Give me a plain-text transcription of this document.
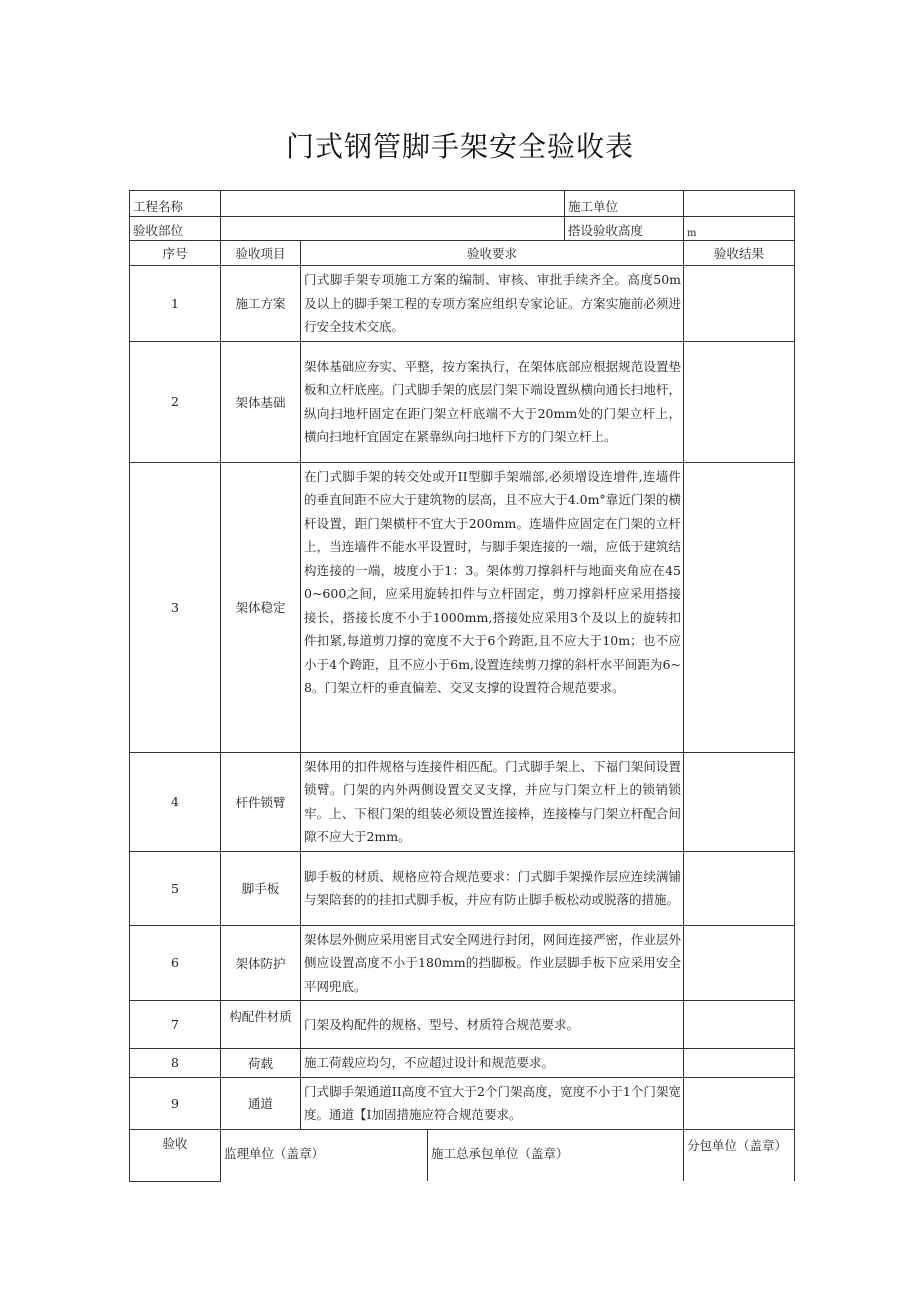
门式钢管脚手架安全验收表
工程名称				施工单位	
验收部位				搭设验收高度	m
序号	验收项目	验收要求			验收结果
1	施工方案	门式脚手架专项施工方案的编制、审核、审批手续齐全。高度50m及以上的脚手架工程的专项方案应组织专家论证。方案实施前必须进行安全技术交底。			
2	架体基础	架体基础应夯实、平整，按方案执行，在架体底部应根据规范设置垫板和立杆底座。门式脚手架的底层门架下端设置纵横向通长扫地杆，纵向扫地杆固定在距门架立杆底端不大于20mm处的门架立杆上，横向扫地杆宜固定在紧靠纵向扫地杆下方的门架立杆上。			
3	架体稳定	在门式脚手架的转交处或开II型脚手架端部,必须增设连增件,连墙件的垂直间距不应大于建筑物的层高，且不应大于4.0m°靠近门架的横杆设置，距门架横杆不宜大于200mm。连墙件应固定在门架的立杆上，当连墙件不能水平设置时，与脚手架连接的一端，应低于建筑结构连接的一端，坡度小于1：3。架体剪刀撑斜杆与地面夹角应在450~600之间，应采用旋转扣件与立杆固定，剪刀撑斜杆应采用搭接接长，搭接长度不小于1000mm,搭接处应采用3个及以上的旋转扣件扣紧,每道剪刀撑的宽度不大于6个跨距,且不应大于10m；也不应小于4个跨距，且不应小于6m,设置连续剪刀撑的斜杆水平间距为6~8。门架立杆的垂直偏差、交叉支撑的设置符合规范要求。			
4	杆件锁臂	架体用的扣件规格与连接件相匹配。门式脚手架上、下福门架间设置锁臂。门架的内外两侧设置交叉支撑，并应与门架立杆上的锁销锁牢。上、下根门架的组装必须设置连接棒，连接榛与门架立杆配合间隙不应大于2mm。			
5	脚手板	脚手板的材质、规格应符合规范要求：门式脚手架操作层应连续满铺与架陪套的的挂扣式脚手板，并应有防止脚手板松动或脱落的措施。			
6	架体防护	架体层外侧应采用密目式安全网进行封闭，网间连接严密，作业层外侧应设置高度不小于180mm的挡脚板。作业层脚手板下应采用安全平网兜底。			
7	构配件材质	门架及构配件的规格、型号、材质符合规范要求。			
8	荷载	施工荷载应均匀，不应超过设计和规范要求。			
9	通道	门式脚手架通道II高度不宜大于2个门架高度，宽度不小于1个门架宽度。通道【I加固措施应符合规范要求。			
验收	监理单位（盖章）		施工总承包单位（盖章）		分包单位（盖章）
